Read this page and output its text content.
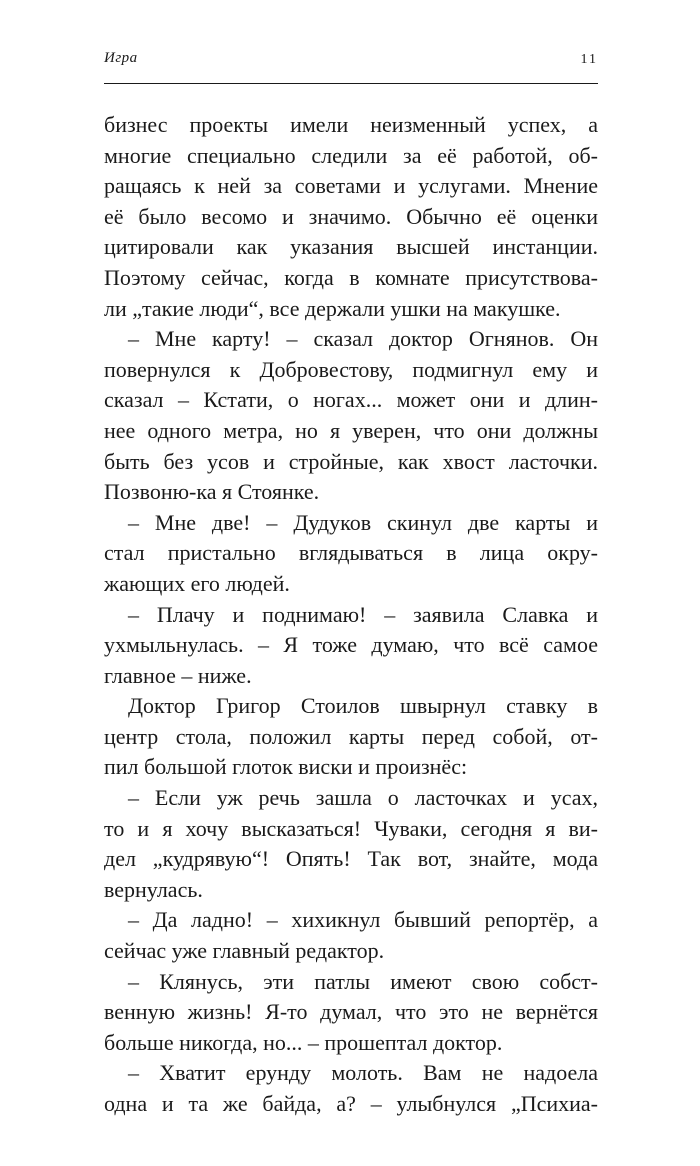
Игра	11
бизнес проекты имели неизменный успех, а
многие специально следили за её работой, об-
ращаясь к ней за советами и услугами. Мнение
её было весомо и значимо. Обычно её оценки
цитировали как указания высшей инстанции.
Поэтому сейчас, когда в комнате присутствова-
ли „такие люди“, все держали ушки на макушке.
– Мне карту! – сказал доктор Огнянов. Он
повернулся к Добровестову, подмигнул ему и
сказал – Кстати, о ногах... может они и длин-
нее одного метра, но я уверен, что они должны
быть без усов и стройные, как хвост ласточки.
Позвоню-ка я Стоянке.
– Мне две! – Дудуков скинул две карты и
стал пристально вглядываться в лица окру-
жающих его людей.
– Плачу и поднимаю! – заявила Славка и
ухмыльнулась. – Я тоже думаю, что всё самое
главное – ниже.
Доктор Григор Стоилов швырнул ставку в
центр стола, положил карты перед собой, от-
пил большой глоток виски и произнёс:
– Если уж речь зашла о ласточках и усах,
то и я хочу высказаться! Чуваки, сегодня я ви-
дел „кудрявую“! Опять! Так вот, знайте, мода
вернулась.
– Да ладно! – хихикнул бывший репортёр, а
сейчас уже главный редактор.
– Клянусь, эти патлы имеют свою собст-
венную жизнь! Я-то думал, что это не вернётся
больше никогда, но... – прошептал доктор.
– Хватит ерунду молоть. Вам не надоела
одна и та же байда, а? – улыбнулся „Психиа-
